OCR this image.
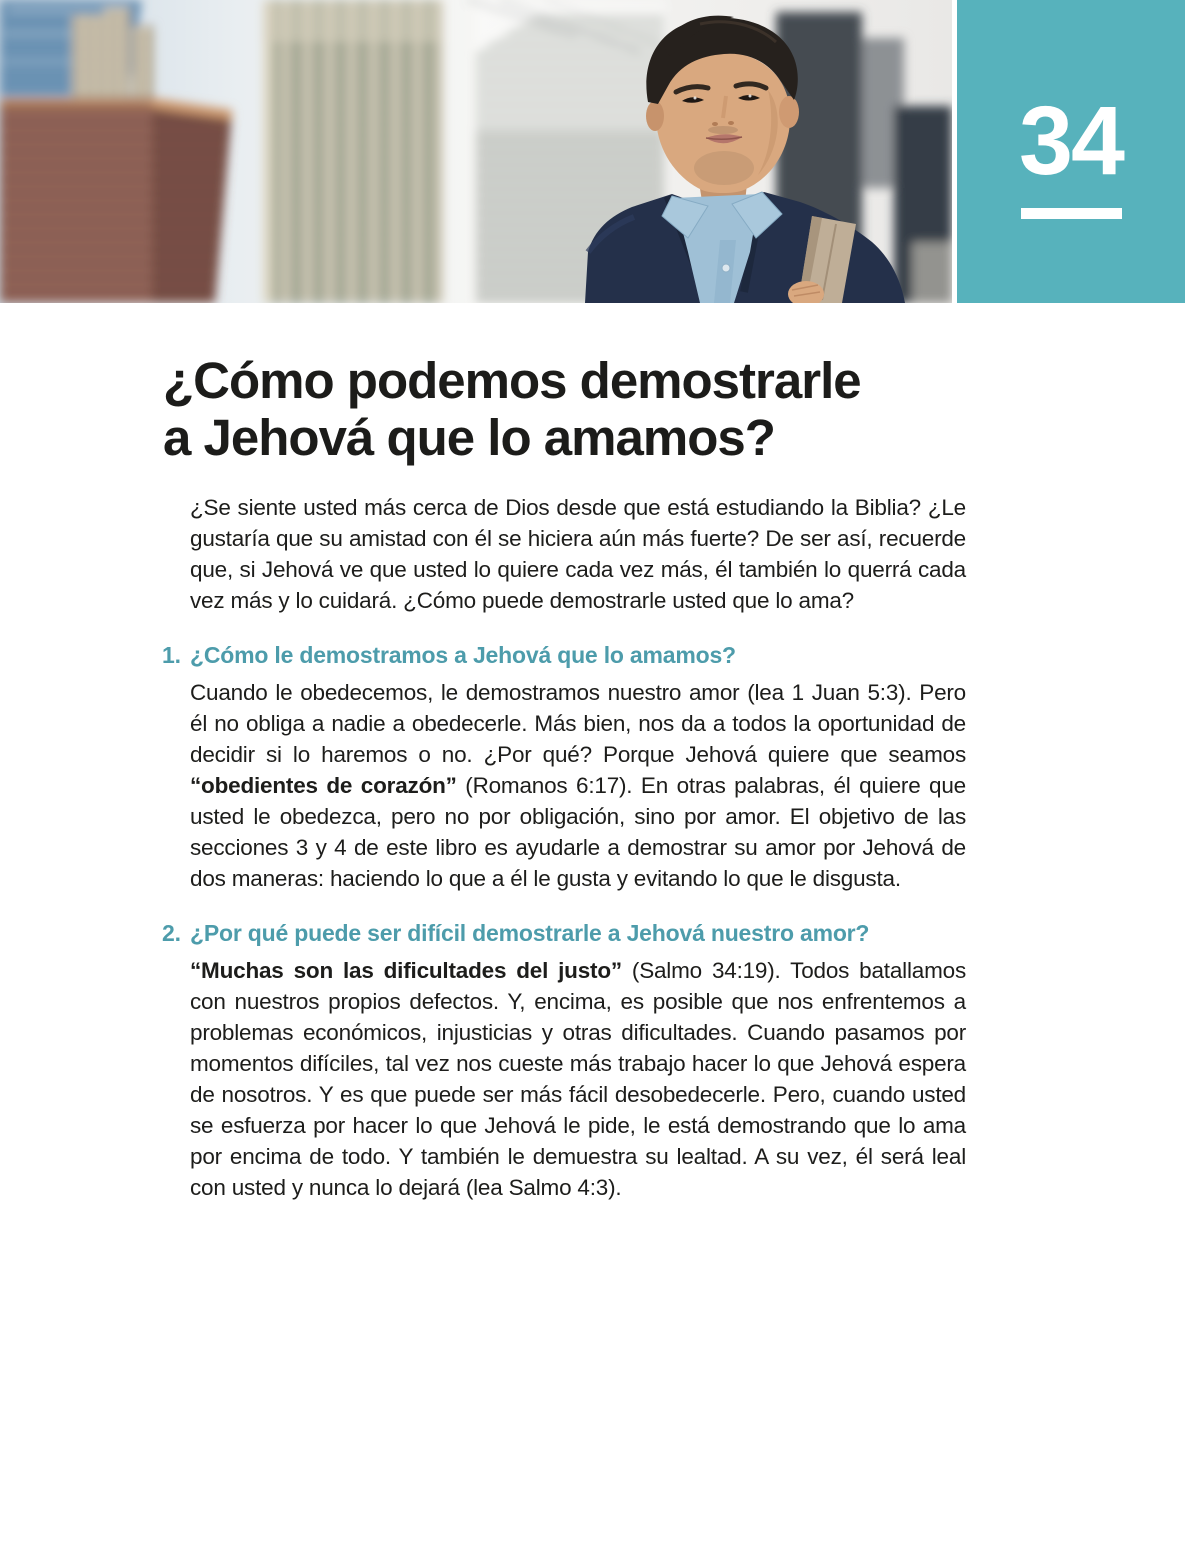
34
¿Cómo podemos demostrarle
a Jehová que lo amamos?

¿Se siente usted más cerca de Dios desde que está estudiando la Biblia? ¿Le gustaría que su amistad con él se hiciera aún más fuerte? De ser así, recuerde que, si Jehová ve que usted lo quiere cada vez más, él también lo querrá cada vez más y lo cuidará. ¿Cómo puede demostrarle usted que lo ama?

1. ¿Cómo le demostramos a Jehová que lo amamos?

Cuando le obedecemos, le demostramos nuestro amor (lea 1 Juan 5:3). Pero él no obliga a nadie a obedecerle. Más bien, nos da a todos la oportunidad de decidir si lo haremos o no. ¿Por qué? Porque Jehová quiere que seamos “obedientes de corazón” (Romanos 6:17). En otras palabras, él quiere que usted le obedezca, pero no por obligación, sino por amor. El objetivo de las secciones 3 y 4 de este libro es ayudarle a demostrar su amor por Jehová de dos maneras: haciendo lo que a él le gusta y evitando lo que le disgusta.

2. ¿Por qué puede ser difícil demostrarle a Jehová nuestro amor?

“Muchas son las dificultades del justo” (Salmo 34:19). Todos batallamos con nuestros propios defectos. Y, encima, es posible que nos enfrentemos a problemas económicos, injusticias y otras dificultades. Cuando pasamos por momentos difíciles, tal vez nos cueste más trabajo hacer lo que Jehová espera de nosotros. Y es que puede ser más fácil desobedecerle. Pero, cuando usted se esfuerza por hacer lo que Jehová le pide, le está demostrando que lo ama por encima de todo. Y también le demuestra su lealtad. A su vez, él será leal con usted y nunca lo dejará (lea Salmo 4:3).
